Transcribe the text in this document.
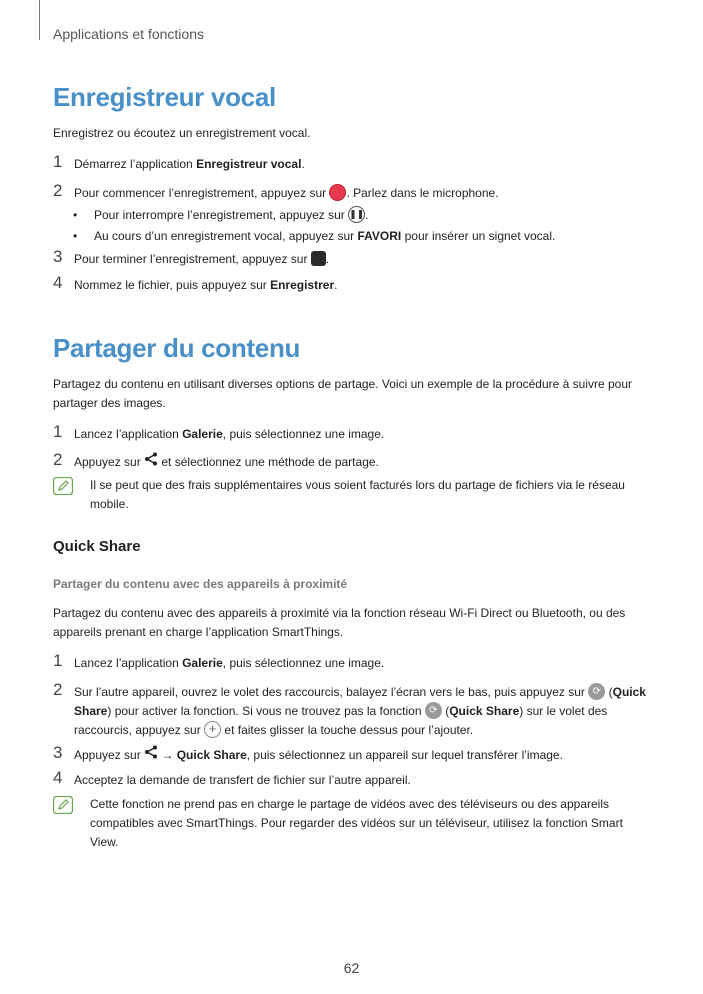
Applications et fonctions
Enregistreur vocal
Enregistrez ou écoutez un enregistrement vocal.
1 Démarrez l’application Enregistreur vocal.
2 Pour commencer l’enregistrement, appuyez sur . Parlez dans le microphone.
• Pour interrompre l’enregistrement, appuyez sur ❚❚.
• Au cours d’un enregistrement vocal, appuyez sur FAVORI pour insérer un signet vocal.
3 Pour terminer l’enregistrement, appuyez sur .
4 Nommez le fichier, puis appuyez sur Enregistrer.
Partager du contenu
Partagez du contenu en utilisant diverses options de partage. Voici un exemple de la procédure à suivre pour partager des images.
1 Lancez l’application Galerie, puis sélectionnez une image.
2 Appuyez sur  et sélectionnez une méthode de partage.
Il se peut que des frais supplémentaires vous soient facturés lors du partage de fichiers via le réseau mobile.
Quick Share
Partager du contenu avec des appareils à proximité
Partagez du contenu avec des appareils à proximité via la fonction réseau Wi-Fi Direct ou Bluetooth, ou des appareils prenant en charge l’application SmartThings.
1 Lancez l’application Galerie, puis sélectionnez une image.
2 Sur l’autre appareil, ouvrez le volet des raccourcis, balayez l’écran vers le bas, puis appuyez sur ⟳ (Quick Share) pour activer la fonction. Si vous ne trouvez pas la fonction ⟳ (Quick Share) sur le volet des raccourcis, appuyez sur + et faites glisser la touche dessus pour l’ajouter.
3 Appuyez sur  → Quick Share, puis sélectionnez un appareil sur lequel transférer l’image.
4 Acceptez la demande de transfert de fichier sur l’autre appareil.
Cette fonction ne prend pas en charge le partage de vidéos avec des téléviseurs ou des appareils compatibles avec SmartThings. Pour regarder des vidéos sur un téléviseur, utilisez la fonction Smart View.
62
